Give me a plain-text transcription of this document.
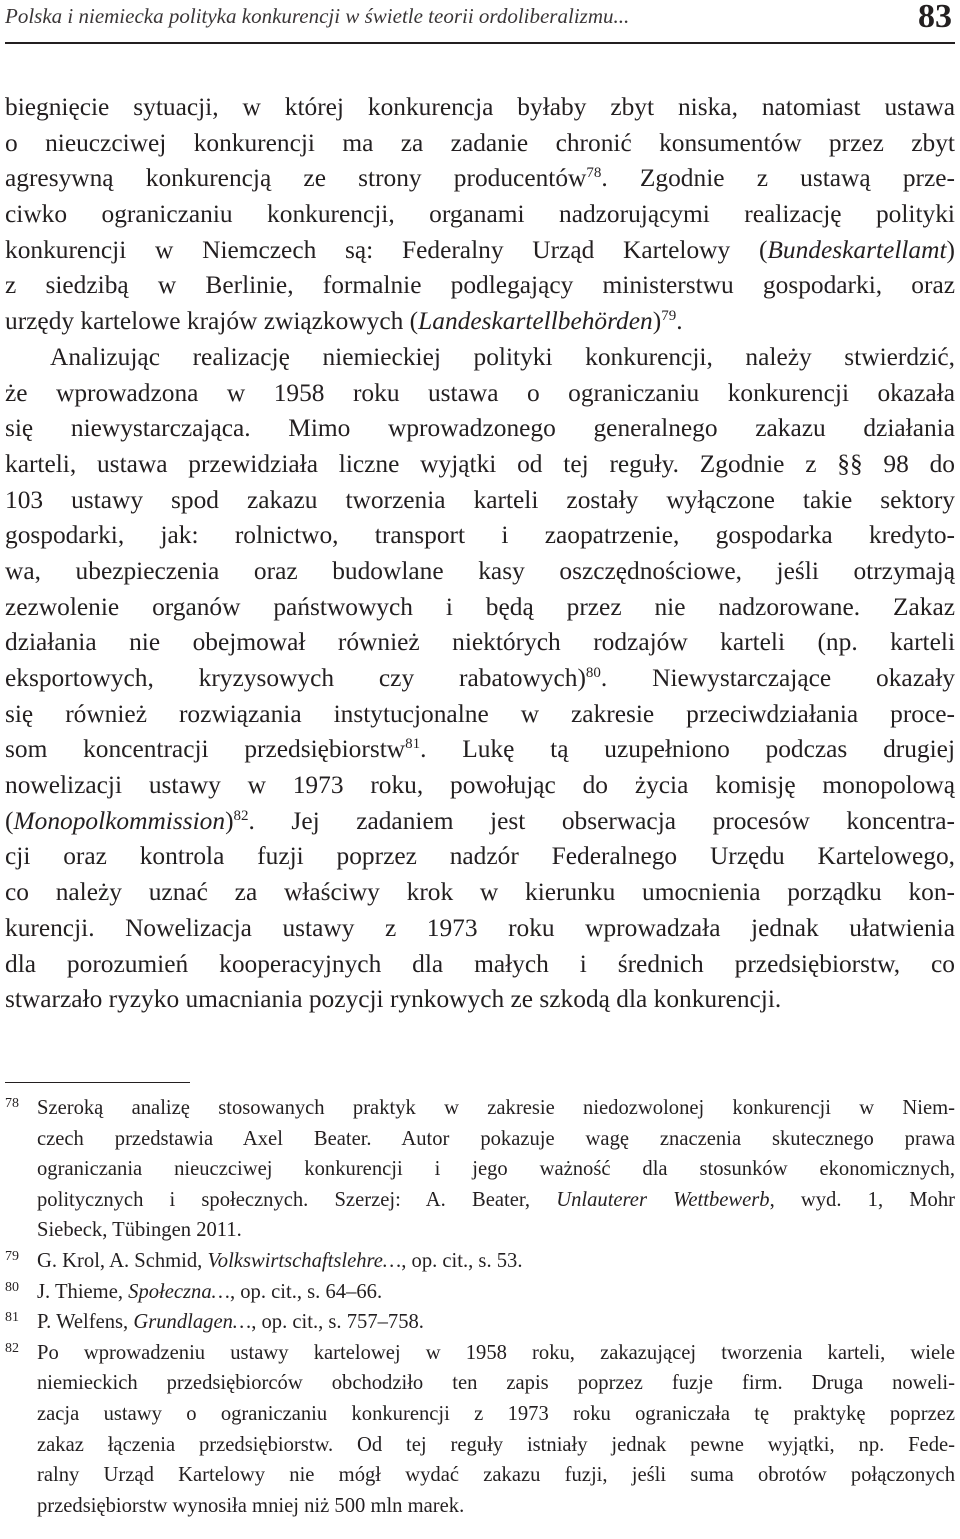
Polska i niemiecka polityka konkurencji w świetle teorii ordoliberalizmu...	83
biegnięcie sytuacji, w której konkurencja byłaby zbyt niska, natomiast ustawa
o nieuczciwej konkurencji ma za zadanie chronić konsumentów przez zbyt
agresywną konkurencją ze strony producentów$^{78}$. Zgodnie z ustawą prze-
ciwko ograniczaniu konkurencji, organami nadzorującymi realizację polityki
konkurencji w Niemczech są: Federalny Urząd Kartelowy (Bundeskartellamt)
z siedzibą w Berlinie, formalnie podlegający ministerstwu gospodarki, oraz
urzędy kartelowe krajów związkowych (Landeskartellbehörden)$^{79}$.
Analizując realizację niemieckiej polityki konkurencji, należy stwierdzić,
że wprowadzona w 1958 roku ustawa o ograniczaniu konkurencji okazała
się niewystarczająca. Mimo wprowadzonego generalnego zakazu działania
karteli, ustawa przewidziała liczne wyjątki od tej reguły. Zgodnie z §§ 98 do
103 ustawy spod zakazu tworzenia karteli zostały wyłączone takie sektory
gospodarki, jak: rolnictwo, transport i zaopatrzenie, gospodarka kredyto-
wa, ubezpieczenia oraz budowlane kasy oszczędnościowe, jeśli otrzymają
zezwolenie organów państwowych i będą przez nie nadzorowane. Zakaz
działania nie obejmował również niektórych rodzajów karteli (np. karteli
eksportowych, kryzysowych czy rabatowych)$^{80}$. Niewystarczające okazały
się również rozwiązania instytucjonalne w zakresie przeciwdziałania proce-
som koncentracji przedsiębiorstw$^{81}$. Lukę tą uzupełniono podczas drugiej
nowelizacji ustawy w 1973 roku, powołując do życia komisję monopolową
(Monopolkommission)$^{82}$. Jej zadaniem jest obserwacja procesów koncentra-
cji oraz kontrola fuzji poprzez nadzór Federalnego Urzędu Kartelowego,
co należy uznać za właściwy krok w kierunku umocnienia porządku kon-
kurencji. Nowelizacja ustawy z 1973 roku wprowadzała jednak ułatwienia
dla porozumień kooperacyjnych dla małych i średnich przedsiębiorstw, co
stwarzało ryzyko umacniania pozycji rynkowych ze szkodą dla konkurencji.
78 Szeroką analizę stosowanych praktyk w zakresie niedozwolonej konkurencji w Niem-
czech przedstawia Axel Beater. Autor pokazuje wagę znaczenia skutecznego prawa
ograniczania nieuczciwej konkurencji i jego ważność dla stosunków ekonomicznych,
politycznych i społecznych. Szerzej: A. Beater, Unlauterer Wettbewerb, wyd. 1, Mohr
Siebeck, Tübingen 2011.
79 G. Krol, A. Schmid, Volkswirtschaftslehre…, op. cit., s. 53.
80 J. Thieme, Społeczna…, op. cit., s. 64–66.
81 P. Welfens, Grundlagen…, op. cit., s. 757–758.
82 Po wprowadzeniu ustawy kartelowej w 1958 roku, zakazującej tworzenia karteli, wiele
niemieckich przedsiębiorców obchodziło ten zapis poprzez fuzje firm. Druga noweli-
zacja ustawy o ograniczaniu konkurencji z 1973 roku ograniczała tę praktykę poprzez
zakaz łączenia przedsiębiorstw. Od tej reguły istniały jednak pewne wyjątki, np. Fede-
ralny Urząd Kartelowy nie mógł wydać zakazu fuzji, jeśli suma obrotów połączonych
przedsiębiorstw wynosiła mniej niż 500 mln marek.
